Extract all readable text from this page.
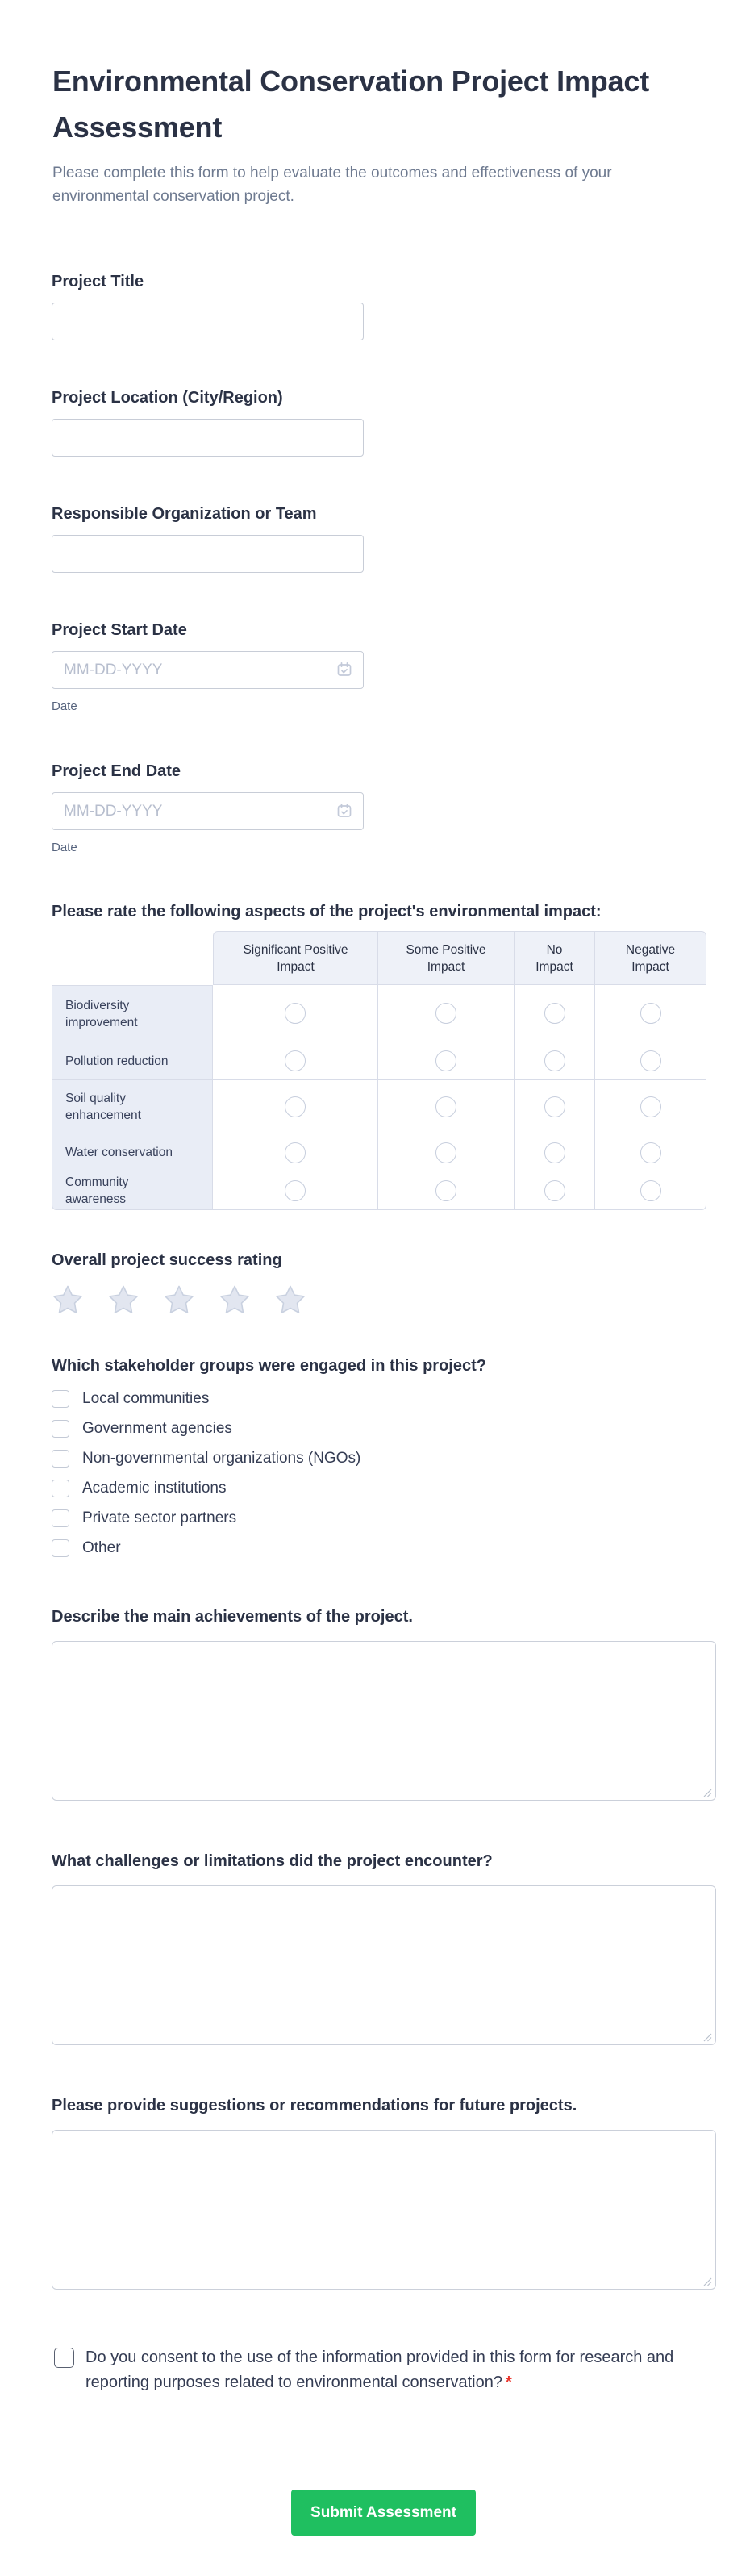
Environmental Conservation Project Impact Assessment
Please complete this form to help evaluate the outcomes and effectiveness of your environmental conservation project.
Project Title
Project Location (City/Region)
Responsible Organization or Team
Project Start Date
MM-DD-YYYY
Date
Project End Date
MM-DD-YYYY
Date
Please rate the following aspects of the project's environmental impact:
Significant Positive Impact
Some Positive Impact
No Impact
Negative Impact
Biodiversity improvement
Pollution reduction
Soil quality enhancement
Water conservation
Community awareness
Overall project success rating
Which stakeholder groups were engaged in this project?
Local communities
Government agencies
Non-governmental organizations (NGOs)
Academic institutions
Private sector partners
Other
Describe the main achievements of the project.
What challenges or limitations did the project encounter?
Please provide suggestions or recommendations for future projects.
Do you consent to the use of the information provided in this form for research and reporting purposes related to environmental conservation? *
Submit Assessment
